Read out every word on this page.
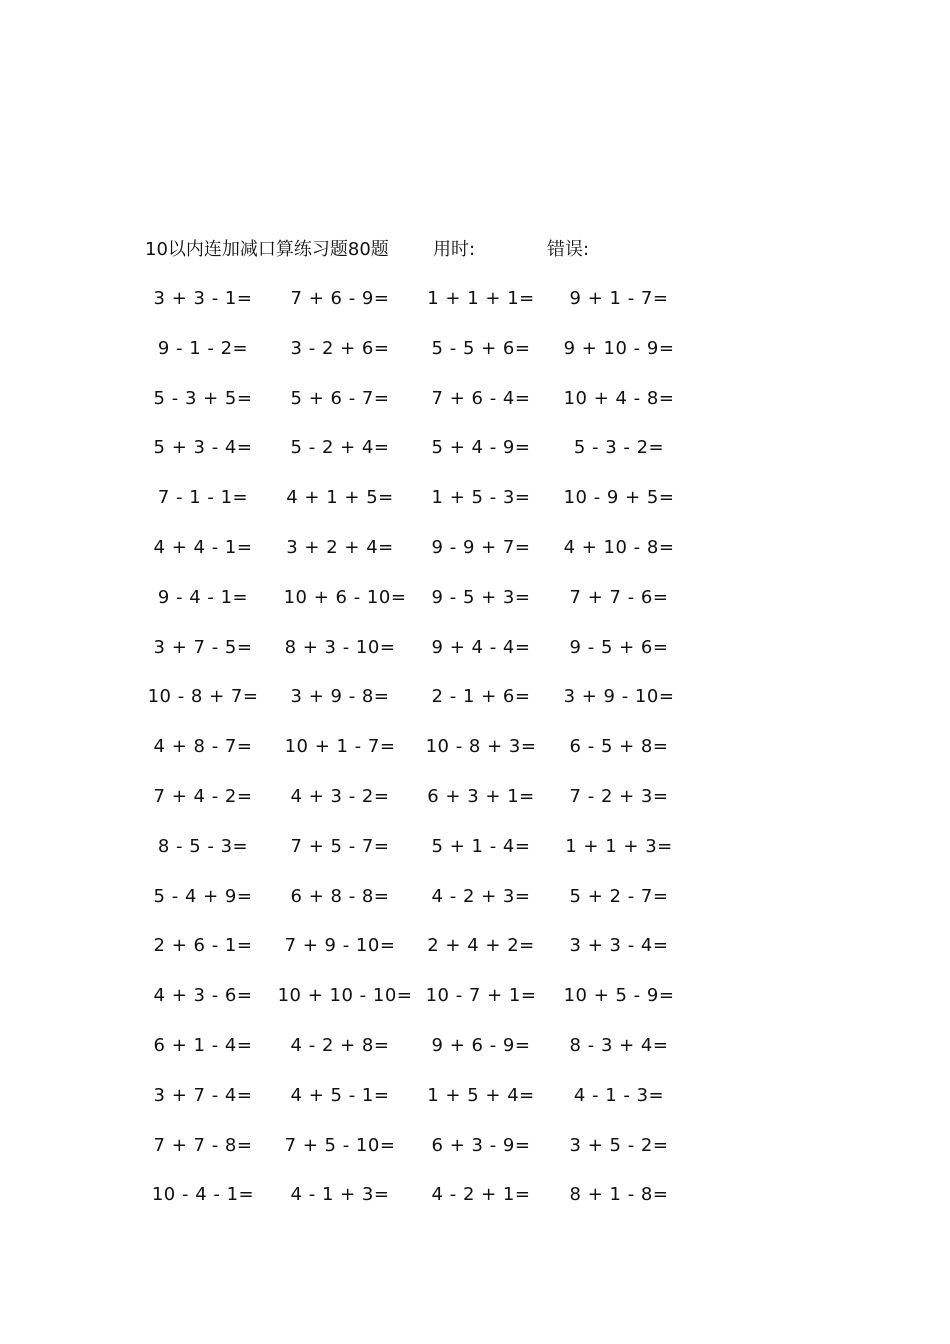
10以内连加减口算练习题80题 用时:	错误:
3 + 3 - 1=	7 + 6 - 9=	1 + 1 + 1=	9 + 1 - 7=
9 - 1 - 2=	3 - 2 + 6=	5 - 5 + 6=	9 + 10 - 9=
5 - 3 + 5=	5 + 6 - 7=	7 + 6 - 4=	10 + 4 - 8=
5 + 3 - 4=	5 - 2 + 4=	5 + 4 - 9=	5 - 3 - 2=
7 - 1 - 1=	4 + 1 + 5=	1 + 5 - 3=	10 - 9 + 5=
4 + 4 - 1=	3 + 2 + 4=	9 - 9 + 7=	4 + 10 - 8=
9 - 4 - 1=	10 + 6 - 10=	9 - 5 + 3=	7 + 7 - 6=
3 + 7 - 5=	8 + 3 - 10=	9 + 4 - 4=	9 - 5 + 6=
10 - 8 + 7=	3 + 9 - 8=	2 - 1 + 6=	3 + 9 - 10=
4 + 8 - 7=	10 + 1 - 7=	10 - 8 + 3=	6 - 5 + 8=
7 + 4 - 2=	4 + 3 - 2=	6 + 3 + 1=	7 - 2 + 3=
8 - 5 - 3=	7 + 5 - 7=	5 + 1 - 4=	1 + 1 + 3=
5 - 4 + 9=	6 + 8 - 8=	4 - 2 + 3=	5 + 2 - 7=
2 + 6 - 1=	7 + 9 - 10=	2 + 4 + 2=	3 + 3 - 4=
4 + 3 - 6=	10 + 10 - 10= 10 - 7 + 1=	10 + 5 - 9=
6 + 1 - 4=	4 - 2 + 8=	9 + 6 - 9=	8 - 3 + 4=
3 + 7 - 4=	4 + 5 - 1=	1 + 5 + 4=	4 - 1 - 3=
7 + 7 - 8=	7 + 5 - 10=	6 + 3 - 9=	3 + 5 - 2=
10 - 4 - 1=	4 - 1 + 3=	4 - 2 + 1=	8 + 1 - 8=
